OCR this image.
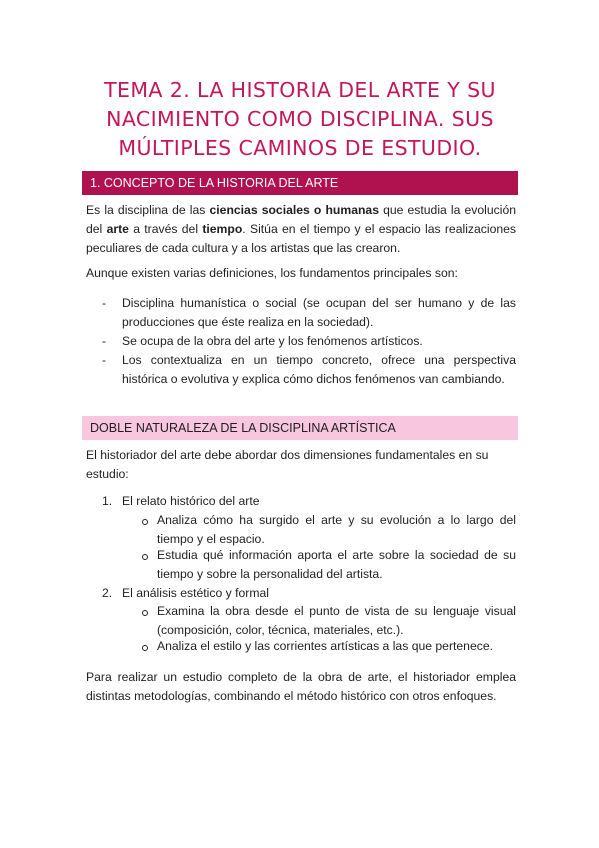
TEMA 2. LA HISTORIA DEL ARTE Y SU
NACIMIENTO COMO DISCIPLINA. SUS
MÚLTIPLES CAMINOS DE ESTUDIO.
1. CONCEPTO DE LA HISTORIA DEL ARTE

Es la disciplina de las ciencias sociales o humanas que estudia la evolución del arte a través del tiempo. Sitúa en el tiempo y el espacio las realizaciones peculiares de cada cultura y a los artistas que las crearon.

Aunque existen varias definiciones, los fundamentos principales son:

- Disciplina humanística o social (se ocupan del ser humano y de las producciones que éste realiza en la sociedad).
- Se ocupa de la obra del arte y los fenómenos artísticos.
- Los contextualiza en un tiempo concreto, ofrece una perspectiva histórica o evolutiva y explica cómo dichos fenómenos van cambiando.
DOBLE NATURALEZA DE LA DISCIPLINA ARTÍSTICA

El historiador del arte debe abordar dos dimensiones fundamentales en su estudio:

1. El relato histórico del arte
Analiza cómo ha surgido el arte y su evolución a lo largo del tiempo y el espacio.
Estudia qué información aporta el arte sobre la sociedad de su tiempo y sobre la personalidad del artista.
2. El análisis estético y formal
Examina la obra desde el punto de vista de su lenguaje visual (composición, color, técnica, materiales, etc.).
Analiza el estilo y las corrientes artísticas a las que pertenece.

Para realizar un estudio completo de la obra de arte, el historiador emplea distintas metodologías, combinando el método histórico con otros enfoques.
